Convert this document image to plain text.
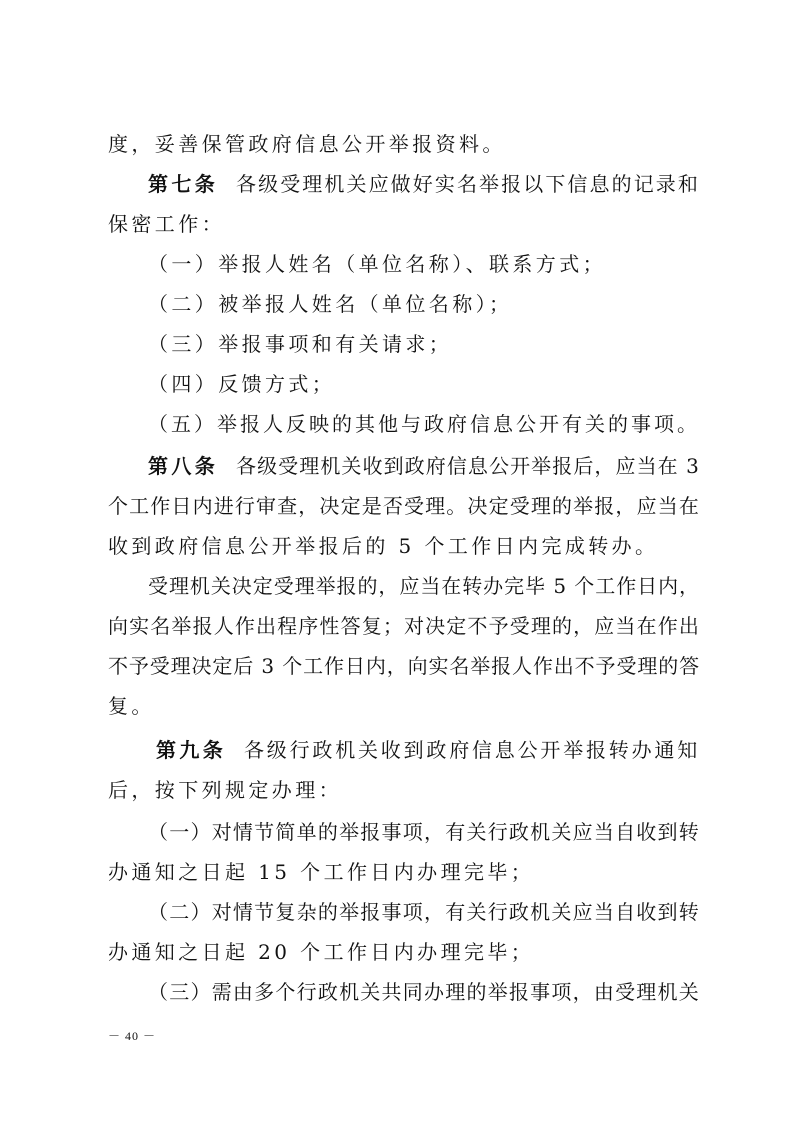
度，妥善保管政府信息公开举报资料。
第七条 各级受理机关应做好实名举报以下信息的记录和
保密工作：
（一）举报人姓名（单位名称）、联系方式；
（二）被举报人姓名（单位名称）；
（三）举报事项和有关请求；
（四）反馈方式；
（五）举报人反映的其他与政府信息公开有关的事项。
第八条 各级受理机关收到政府信息公开举报后，应当在 3
个工作日内进行审查，决定是否受理。决定受理的举报，应当在
收到政府信息公开举报后的 5 个工作日内完成转办。
受理机关决定受理举报的，应当在转办完毕 5 个工作日内，
向实名举报人作出程序性答复；对决定不予受理的，应当在作出
不予受理决定后 3 个工作日内，向实名举报人作出不予受理的答
复。
第九条 各级行政机关收到政府信息公开举报转办通知
后，按下列规定办理：
（一）对情节简单的举报事项，有关行政机关应当自收到转
办通知之日起 15 个工作日内办理完毕；
（二）对情节复杂的举报事项，有关行政机关应当自收到转
办通知之日起 20 个工作日内办理完毕；
（三）需由多个行政机关共同办理的举报事项，由受理机关
－ 40 －
